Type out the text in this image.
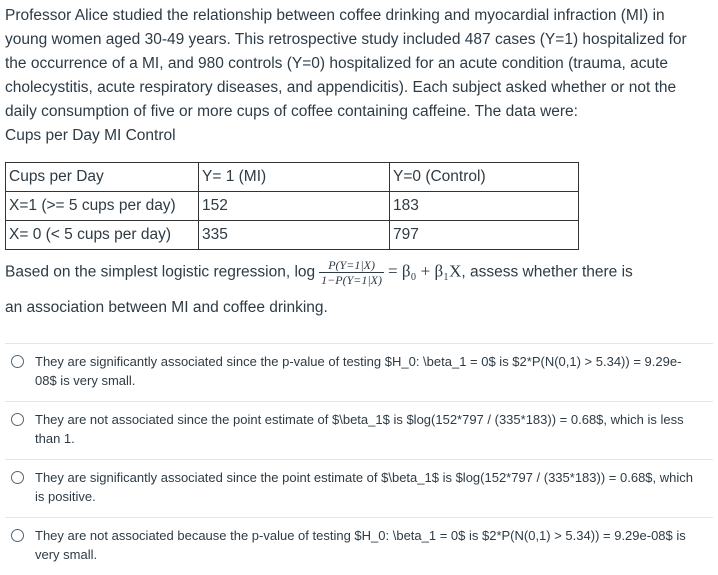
Professor Alice studied the relationship between coffee drinking and myocardial infraction (MI) in young women aged 30-49 years. This retrospective study included 487 cases (Y=1) hospitalized for the occurrence of a MI, and 980 controls (Y=0) hospitalized for an acute condition (trauma, acute cholecystitis, acute respiratory diseases, and appendicitis). Each subject asked whether or not the daily consumption of five or more cups of coffee containing caffeine. The data were:

Cups per Day MI Control

Cups per Day	Y= 1 (MI)	Y=0 (Control)
X=1 (>= 5 cups per day)	152	183
X= 0 (< 5 cups per day)	335	797
Based on the simplest logistic regression, $\log \frac{P(Y=1|X)}{1-P(Y=1|X)} = \beta_0 + \beta_1X$, assess whether there is
an association between MI and coffee drinking.
They are significantly associated since the p-value of testing $H_0: \beta_1 = 0$ is $2*P(N(0,1) > 5.34)) = 9.29e-08$ is very small.
They are not associated since the point estimate of $\beta_1$ is $log(152*797 / (335*183)) = 0.68$, which is less than 1.
They are significantly associated since the point estimate of $\beta_1$ is $log(152*797 / (335*183)) = 0.68$, which is positive.
They are not associated because the p-value of testing $H_0: \beta_1 = 0$ is $2*P(N(0,1) > 5.34)) = 9.29e-08$ is very small.
